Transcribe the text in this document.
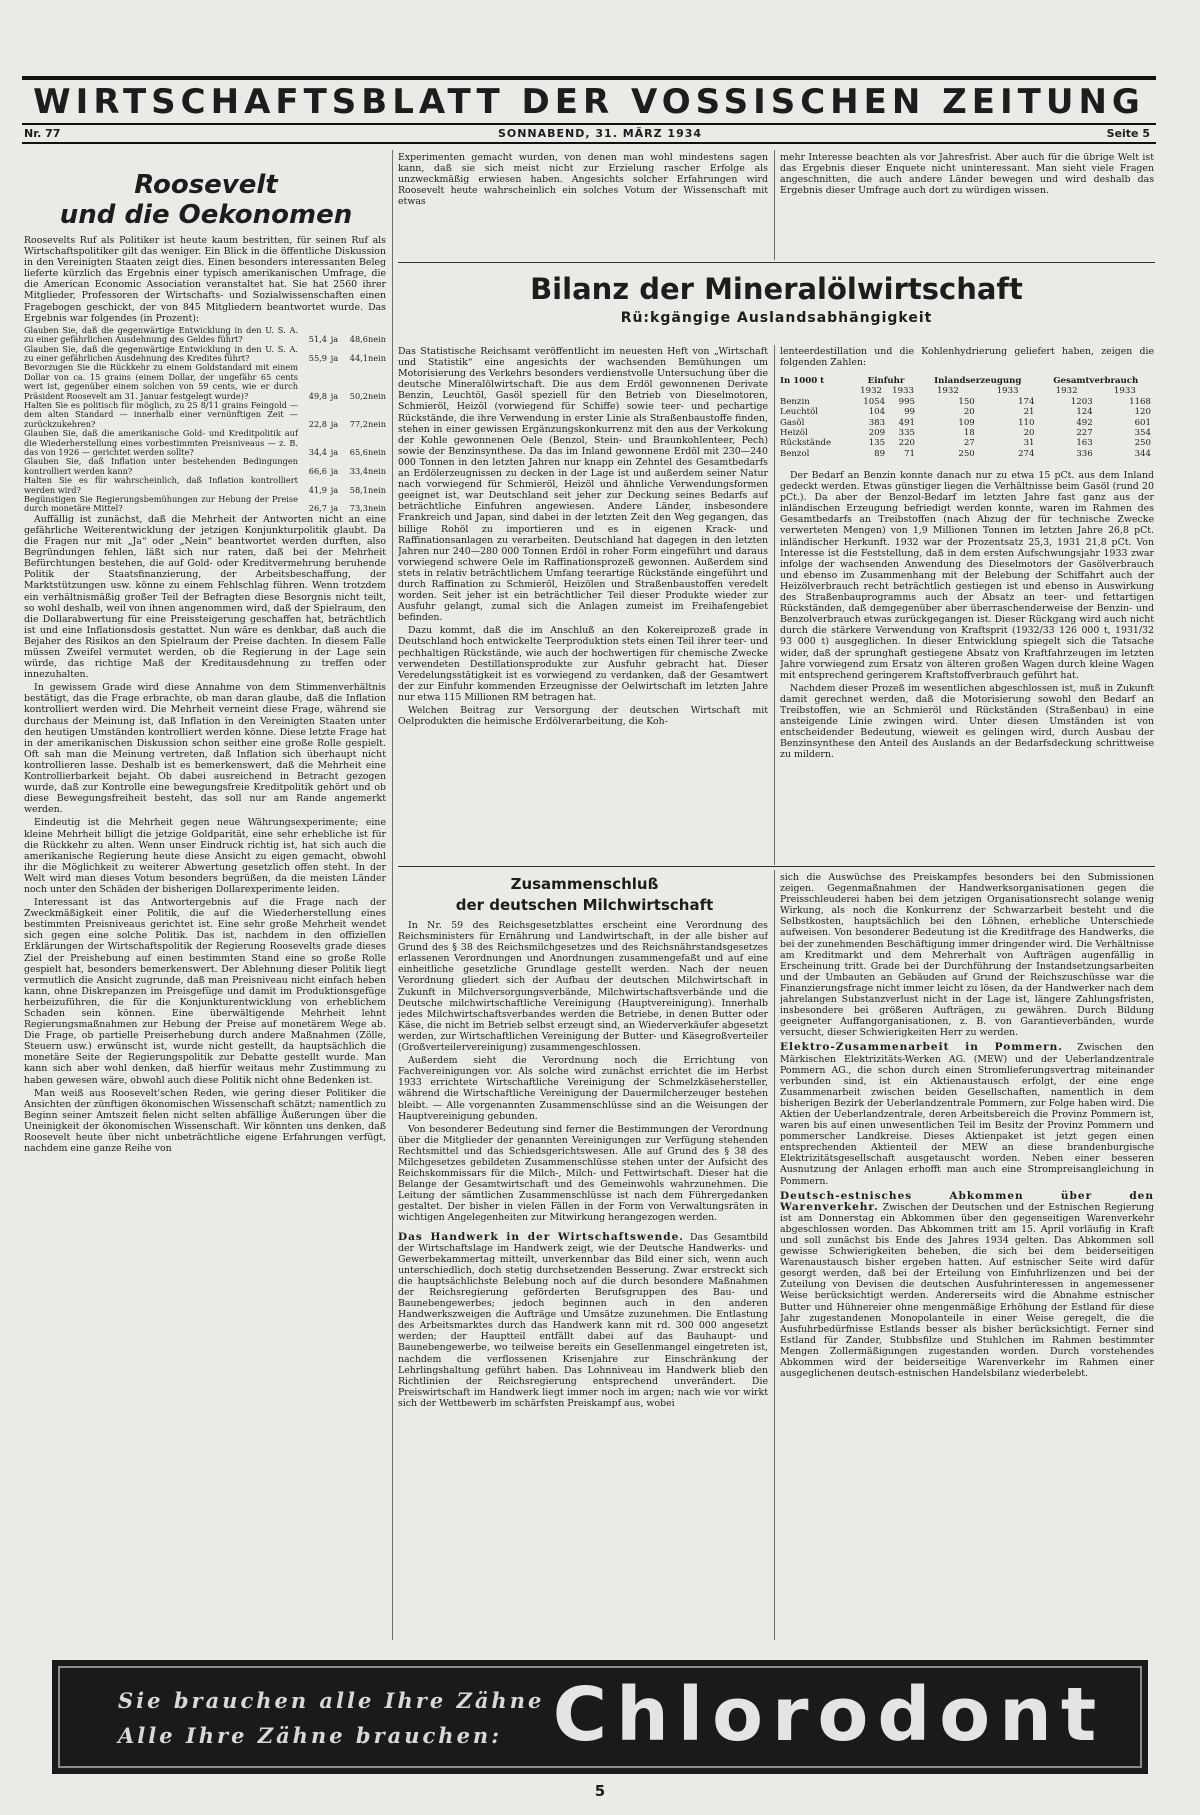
WIRTSCHAFTSBLATT DER VOSSISCHEN ZEITUNG
Nr. 77	SONNABEND, 31. MÄRZ 1934	Seite 5
Roosevelt
und die Oekonomen

Roosevelts Ruf als Politiker ist heute kaum bestritten, für seinen Ruf als Wirtschaftspolitiker gilt das weniger. Ein Blick in die öffentliche Diskussion in den Vereinigten Staaten zeigt dies. Einen besonders interessanten Beleg lieferte kürzlich das Ergebnis einer typisch amerikanischen Umfrage, die die American Economic Association veranstaltet hat. Sie hat 2560 ihrer Mitglieder, Professoren der Wirtschafts- und Sozialwissenschaften einen Fragebogen geschickt, der von 845 Mitgliedern beantwortet wurde. Das Ergebnis war folgendes (in Prozent):

Glauben Sie, daß die gegenwärtige Entwicklung in den U. S. A. zu einer gefährlichen Ausdehnung des Geldes führt?	51,4	ja	48,6	nein
Glauben Sie, daß die gegenwärtige Entwicklung in den U. S. A. zu einer gefährlichen Ausdehnung des Kredites führt?	55,9	ja	44,1	nein
Bevorzugen Sie die Rückkehr zu einem Goldstandard mit einem Dollar von ca. 15 grains (einem Dollar, der ungefähr 65 cents wert ist, gegenüber einem solchen von 59 cents, wie er durch Präsident Roosevelt am 31. Januar festgelegt wurde)?	49,8	ja	50,2	nein
Halten Sie es politisch für möglich, zu 25 8/11 grains Feingold — dem alten Standard — innerhalb einer vernünftigen Zeit — zurückzukehren?	22,8	ja	77,2	nein
Glauben Sie, daß die amerikanische Gold- und Kreditpolitik auf die Wiederherstellung eines vorbestimmten Preisniveaus — z. B. das von 1926 — gerichtet werden sollte?	34,4	ja	65,6	nein
Glauben Sie, daß Inflation unter bestehenden Bedingungen kontrolliert werden kann?	66,6	ja	33,4	nein
Halten Sie es für wahrscheinlich, daß Inflation kontrolliert werden wird?	41,9	ja	58,1	nein
Begünstigen Sie Regierungsbemühungen zur Hebung der Preise durch monetäre Mittel?	26,7	ja	73,3	nein

Auffällig ist zunächst, daß die Mehrheit der Antworten nicht an eine gefährliche Weiterentwicklung der jetzigen Konjunkturpolitik glaubt. Da die Fragen nur mit „Ja“ oder „Nein“ beantwortet werden durften, also Begründungen fehlen, läßt sich nur raten, daß bei der Mehrheit Befürchtungen bestehen, die auf Gold- oder Kreditvermehrung beruhende Politik der Staatsfinanzierung, der Arbeitsbeschaffung, der Marktstützungen usw. könne zu einem Fehlschlag führen. Wenn trotzdem ein verhältnismäßig großer Teil der Befragten diese Besorgnis nicht teilt, so wohl deshalb, weil von ihnen angenommen wird, daß der Spielraum, den die Dollarabwertung für eine Preissteigerung geschaffen hat, beträchtlich ist und eine Inflationsdosis gestattet. Nun wäre es denkbar, daß auch die Bejaher des Risikos an den Spielraum der Preise dachten. In diesem Falle müssen Zweifel vermutet werden, ob die Regierung in der Lage sein würde, das richtige Maß der Kreditausdehnung zu treffen oder innezuhalten.

In gewissem Grade wird diese Annahme von dem Stimmenverhältnis bestätigt, das die Frage erbrachte, ob man daran glaube, daß die Inflation kontrolliert werden wird. Die Mehrheit verneint diese Frage, während sie durchaus der Meinung ist, daß Inflation in den Vereinigten Staaten unter den heutigen Umständen kontrolliert werden könne. Diese letzte Frage hat in der amerikanischen Diskussion schon seither eine große Rolle gespielt. Oft sah man die Meinung vertreten, daß Inflation sich überhaupt nicht kontrollieren lasse. Deshalb ist es bemerkenswert, daß die Mehrheit eine Kontrollierbarkeit bejaht. Ob dabei ausreichend in Betracht gezogen wurde, daß zur Kontrolle eine bewegungsfreie Kreditpolitik gehört und ob diese Bewegungsfreiheit besteht, das soll nur am Rande angemerkt werden.

Eindeutig ist die Mehrheit gegen neue Währungsexperimente; eine kleine Mehrheit billigt die jetzige Goldparität, eine sehr erhebliche ist für die Rückkehr zu alten. Wenn unser Eindruck richtig ist, hat sich auch die amerikanische Regierung heute diese Ansicht zu eigen gemacht, obwohl ihr die Möglichkeit zu weiterer Abwertung gesetzlich offen steht. In der Welt wird man dieses Votum besonders begrüßen, da die meisten Länder noch unter den Schäden der bisherigen Dollarexperimente leiden.

Interessant ist das Antwortergebnis auf die Frage nach der Zweckmäßigkeit einer Politik, die auf die Wiederherstellung eines bestimmten Preisniveaus gerichtet ist. Eine sehr große Mehrheit wendet sich gegen eine solche Politik. Das ist, nachdem in den offiziellen Erklärungen der Wirtschaftspolitik der Regierung Roosevelts grade dieses Ziel der Preishebung auf einen bestimmten Stand eine so große Rolle gespielt hat, besonders bemerkenswert. Der Ablehnung dieser Politik liegt vermutlich die Ansicht zugrunde, daß man Preisniveau nicht einfach heben kann, ohne Diskrepanzen im Preisgefüge und damit im Produktionsgefüge herbeizuführen, die für die Konjunkturentwicklung von erheblichem Schaden sein können. Eine überwältigende Mehrheit lehnt Regierungsmaßnahmen zur Hebung der Preise auf monetärem Wege ab. Die Frage, ob partielle Preiserhebung durch andere Maßnahmen (Zölle, Steuern usw.) erwünscht ist, wurde nicht gestellt, da hauptsächlich die monetäre Seite der Regierungspolitik zur Debatte gestellt wurde. Man kann sich aber wohl denken, daß hierfür weitaus mehr Zustimmung zu haben gewesen wäre, obwohl auch diese Politik nicht ohne Bedenken ist.

Man weiß aus Roosevelt'schen Reden, wie gering dieser Politiker die Ansichten der zünftigen ökonomischen Wissenschaft schätzt; namentlich zu Beginn seiner Amtszeit fielen nicht selten abfällige Äußerungen über die Uneinigkeit der ökonomischen Wissenschaft. Wir könnten uns denken, daß Roosevelt heute über nicht unbeträchtliche eigene Erfahrungen verfügt, nachdem eine ganze Reihe von

Experimenten gemacht wurden, von denen man wohl mindestens sagen kann, daß sie sich meist nicht zur Erzielung rascher Erfolge als unzweckmäßig erwiesen haben. Angesichts solcher Erfahrungen wird Roosevelt heute wahrscheinlich ein solches Votum der Wissenschaft mit etwas

mehr Interesse beachten als vor Jahresfrist. Aber auch für die übrige Welt ist das Ergebnis dieser Enquete nicht uninteressant. Man sieht viele Fragen angeschnitten, die auch andere Länder bewegen und wird deshalb das Ergebnis dieser Umfrage auch dort zu würdigen wissen.

Bilanz der Mineralölwirtschaft
Rü:kgängige Auslandsabhängigkeit

Das Statistische Reichsamt veröffentlicht im neuesten Heft von „Wirtschaft und Statistik“ eine angesichts der wachsenden Bemühungen um Motorisierung des Verkehrs besonders verdienstvolle Untersuchung über die deutsche Mineralölwirtschaft. Die aus dem Erdöl gewonnenen Derivate Benzin, Leuchtöl, Gasöl speziell für den Betrieb von Dieselmotoren, Schmieröl, Heizöl (vorwiegend für Schiffe) sowie teer- und pechartige Rückstände, die ihre Verwendung in erster Linie als Straßenbaustoffe finden, stehen in einer gewissen Ergänzungskonkurrenz mit den aus der Verkokung der Kohle gewonnenen Oele (Benzol, Stein- und Braunkohlenteer, Pech) sowie der Benzinsynthese. Da das im Inland gewonnene Erdöl mit 230—240 000 Tonnen in den letzten Jahren nur knapp ein Zehntel des Gesamtbedarfs an Erdölerzeugnissen zu decken in der Lage ist und außerdem seiner Natur nach vorwiegend für Schmieröl, Heizöl und ähnliche Verwendungsformen geeignet ist, war Deutschland seit jeher zur Deckung seines Bedarfs auf beträchtliche Einfuhren angewiesen. Andere Länder, insbesondere Frankreich und Japan, sind dabei in der letzten Zeit den Weg gegangen, das billige Rohöl zu importieren und es in eigenen Krack- und Raffinationsanlagen zu verarbeiten. Deutschland hat dagegen in den letzten Jahren nur 240—280 000 Tonnen Erdöl in roher Form eingeführt und daraus vorwiegend schwere Oele im Raffinationsprozeß gewonnen. Außerdem sind stets in relativ beträchtlichem Umfang teerartige Rückstände eingeführt und durch Raffination zu Schmieröl, Heizölen und Straßenbaustoffen veredelt worden. Seit jeher ist ein beträchtlicher Teil dieser Produkte wieder zur Ausfuhr gelangt, zumal sich die Anlagen zumeist im Freihafengebiet befinden.

Dazu kommt, daß die im Anschluß an den Kokereiprozeß grade in Deutschland hoch entwickelte Teerproduktion stets einen Teil ihrer teer- und pechhaltigen Rückstände, wie auch der hochwertigen für chemische Zwecke verwendeten Destillationsprodukte zur Ausfuhr gebracht hat. Dieser Veredelungsstätigkeit ist es vorwiegend zu verdanken, daß der Gesamtwert der zur Einfuhr kommenden Erzeugnisse der Oelwirtschaft im letzten Jahre nur etwa 115 Millionen RM betragen hat.

Welchen Beitrag zur Versorgung der deutschen Wirtschaft mit Oelprodukten die heimische Erdölverarbeitung, die Koh-

lenteerdestillation und die Kohlenhydrierung geliefert haben, zeigen die folgenden Zahlen:

In 1000 t	Einfuhr		Inlandserzeugung		Gesamtverbrauch	
	1932	1933	1932	1933	1932	1933
Benzin	1054	995	150	174	1203	1168
Leuchtöl	104	99	20	21	124	120
Gasöl	383	491	109	110	492	601
Heizöl	209	335	18	20	227	354
Rückstände	135	220	27	31	163	250
Benzol	89	71	250	274	336	344

Der Bedarf an Benzin konnte danach nur zu etwa 15 pCt. aus dem Inland gedeckt werden. Etwas günstiger liegen die Verhältnisse beim Gasöl (rund 20 pCt.). Da aber der Benzol-Bedarf im letzten Jahre fast ganz aus der inländischen Erzeugung befriedigt werden konnte, waren im Rahmen des Gesamtbedarfs an Treibstoffen (nach Abzug der für technische Zwecke verwerteten Mengen) von 1,9 Millionen Tonnen im letzten Jahre 26,8 pCt. inländischer Herkunft. 1932 war der Prozentsatz 25,3, 1931 21,8 pCt. Von Interesse ist die Feststellung, daß in dem ersten Aufschwungsjahr 1933 zwar infolge der wachsenden Anwendung des Dieselmotors der Gasölverbrauch und ebenso im Zusammenhang mit der Belebung der Schiffahrt auch der Heizölverbrauch recht beträchtlich gestiegen ist und ebenso in Auswirkung des Straßenbauprogramms auch der Absatz an teer- und fettartigen Rückständen, daß demgegenüber aber überraschenderweise der Benzin- und Benzolverbrauch etwas zurückgegangen ist. Dieser Rückgang wird auch nicht durch die stärkere Verwendung von Kraftsprit (1932/33 126 000 t, 1931/32 93 000 t) ausgeglichen. In dieser Entwicklung spiegelt sich die Tatsache wider, daß der sprunghaft gestiegene Absatz von Kraftfahrzeugen im letzten Jahre vorwiegend zum Ersatz von älteren großen Wagen durch kleine Wagen mit entsprechend geringerem Kraftstoffverbrauch geführt hat.

Nachdem dieser Prozeß im wesentlichen abgeschlossen ist, muß in Zukunft damit gerechnet werden, daß die Motorisierung sowohl den Bedarf an Treibstoffen, wie an Schmieröl und Rückständen (Straßenbau) in eine ansteigende Linie zwingen wird. Unter diesen Umständen ist von entscheidender Bedeutung, wieweit es gelingen wird, durch Ausbau der Benzinsynthese den Anteil des Auslands an der Bedarfsdeckung schrittweise zu mildern.

Zusammenschluß
der deutschen Milchwirtschaft

In Nr. 59 des Reichsgesetzblattes erscheint eine Verordnung des Reichsministers für Ernährung und Landwirtschaft, in der alle bisher auf Grund des § 38 des Reichsmilchgesetzes und des Reichsnährstandsgesetzes erlassenen Verordnungen und Anordnungen zusammengefaßt und auf eine einheitliche gesetzliche Grundlage gestellt werden. Nach der neuen Verordnung gliedert sich der Aufbau der deutschen Milchwirtschaft in Zukunft in Milchversorgungsverbände, Milchwirtschaftsverbände und die Deutsche milchwirtschaftliche Vereinigung (Hauptvereinigung). Innerhalb jedes Milchwirtschaftsverbandes werden die Betriebe, in denen Butter oder Käse, die nicht im Betrieb selbst erzeugt sind, an Wiederverkäufer abgesetzt werden, zur Wirtschaftlichen Vereinigung der Butter- und Käsegroßverteiler (Großverteilervereinigung) zusammengeschlossen.

Außerdem sieht die Verordnung noch die Errichtung von Fachvereinigungen vor. Als solche wird zunächst errichtet die im Herbst 1933 errichtete Wirtschaftliche Vereinigung der Schmelzkäsehersteller, während die Wirtschaftliche Vereinigung der Dauermilcherzeuger bestehen bleibt. — Alle vorgenannten Zusammenschlüsse sind an die Weisungen der Hauptvereinigung gebunden.

Von besonderer Bedeutung sind ferner die Bestimmungen der Verordnung über die Mitglieder der genannten Vereinigungen zur Verfügung stehenden Rechtsmittel und das Schiedsgerichtswesen. Alle auf Grund des § 38 des Milchgesetzes gebildeten Zusammenschlüsse stehen unter der Aufsicht des Reichskommissars für die Milch-, Milch- und Fettwirtschaft. Dieser hat die Belange der Gesamtwirtschaft und des Gemeinwohls wahrzunehmen. Die Leitung der sämtlichen Zusammenschlüsse ist nach dem Führergedanken gestaltet. Der bisher in vielen Fällen in der Form von Verwaltungsräten in wichtigen Angelegenheiten zur Mitwirkung herangezogen werden.

Das Handwerk in der Wirtschaftswende. Das Gesamtbild der Wirtschaftslage im Handwerk zeigt, wie der Deutsche Handwerks- und Gewerbekammertag mitteilt, unverkennbar das Bild einer sich, wenn auch unterschiedlich, doch stetig durchsetzenden Besserung. Zwar erstreckt sich die hauptsächlichste Belebung noch auf die durch besondere Maßnahmen der Reichsregierung geförderten Berufsgruppen des Bau- und Baunebengewerbes; jedoch beginnen auch in den anderen Handwerkszweigen die Aufträge und Umsätze zuzunehmen. Die Entlastung des Arbeitsmarktes durch das Handwerk kann mit rd. 300 000 angesetzt werden; der Hauptteil entfällt dabei auf das Bauhaupt- und Baunebengewerbe, wo teilweise bereits ein Gesellenmangel eingetreten ist, nachdem die verflossenen Krisenjahre zur Einschränkung der Lehrlingshaltung geführt haben. Das Lohnniveau im Handwerk blieb den Richtlinien der Reichsregierung entsprechend unverändert. Die Preiswirtschaft im Handwerk liegt immer noch im argen; nach wie vor wirkt sich der Wettbewerb im schärfsten Preiskampf aus, wobei

sich die Auswüchse des Preiskampfes besonders bei den Submissionen zeigen. Gegenmaßnahmen der Handwerksorganisationen gegen die Preisschleuderei haben bei dem jetzigen Organisationsrecht solange wenig Wirkung, als noch die Konkurrenz der Schwarzarbeit besteht und die Selbstkosten, hauptsächlich bei den Löhnen, erhebliche Unterschiede aufweisen. Von besonderer Bedeutung ist die Kreditfrage des Handwerks, die bei der zunehmenden Beschäftigung immer dringender wird. Die Verhältnisse am Kreditmarkt und dem Mehrerhalt von Aufträgen augenfällig in Erscheinung tritt. Grade bei der Durchführung der Instandsetzungsarbeiten und der Umbauten an Gebäuden auf Grund der Reichszuschüsse war die Finanzierungsfrage nicht immer leicht zu lösen, da der Handwerker nach dem jahrelangen Substanzverlust nicht in der Lage ist, längere Zahlungsfristen, insbesondere bei größeren Aufträgen, zu gewähren. Durch Bildung geeigneter Auffangorganisationen, z. B. von Garantieverbänden, wurde versucht, dieser Schwierigkeiten Herr zu werden.

Elektro-Zusammenarbeit in Pommern. Zwischen den Märkischen Elektrizitäts-Werken AG. (MEW) und der Ueberlandzentrale Pommern AG., die schon durch einen Stromlieferungsvertrag miteinander verbunden sind, ist ein Aktienaustausch erfolgt, der eine enge Zusammenarbeit zwischen beiden Gesellschaften, namentlich in dem bisherigen Bezirk der Ueberlandzentrale Pommern, zur Folge haben wird. Die Aktien der Ueberlandzentrale, deren Arbeitsbereich die Provinz Pommern ist, waren bis auf einen unwesentlichen Teil im Besitz der Provinz Pommern und pommerscher Landkreise. Dieses Aktienpaket ist jetzt gegen einen entsprechenden Aktienteil der MEW an diese brandenburgische Elektrizitätsgesellschaft ausgetauscht worden. Neben einer besseren Ausnutzung der Anlagen erhofft man auch eine Strompreisangleichung in Pommern.

Deutsch-estnisches Abkommen über den Warenverkehr. Zwischen der Deutschen und der Estnischen Regierung ist am Donnerstag ein Abkommen über den gegenseitigen Warenverkehr abgeschlossen worden. Das Abkommen tritt am 15. April vorläufig in Kraft und soll zunächst bis Ende des Jahres 1934 gelten. Das Abkommen soll gewisse Schwierigkeiten beheben, die sich bei dem beiderseitigen Warenaustausch bisher ergeben hatten. Auf estnischer Seite wird dafür gesorgt werden, daß bei der Erteilung von Einfuhrlizenzen und bei der Zuteilung von Devisen die deutschen Ausfuhrinteressen in angemessener Weise berücksichtigt werden. Andererseits wird die Abnahme estnischer Butter und Hühnereier ohne mengenmäßige Erhöhung der Estland für diese Jahr zugestandenen Monopolanteile in einer Weise geregelt, die die Ausfuhrbedürfnisse Estlands besser als bisher berücksichtigt. Ferner sind Estland für Zander, Stubbsfilze und Stuhlchen im Rahmen bestimmter Mengen Zollermäßigungen zugestanden worden. Durch vorstehendes Abkommen wird der beiderseitige Warenverkehr im Rahmen einer ausgeglichenen deutsch-estnischen Handelsbilanz wiederbelebt.

Sie brauchen alle Ihre Zähne
Alle Ihre Zähne brauchen: Chlorodont
5
